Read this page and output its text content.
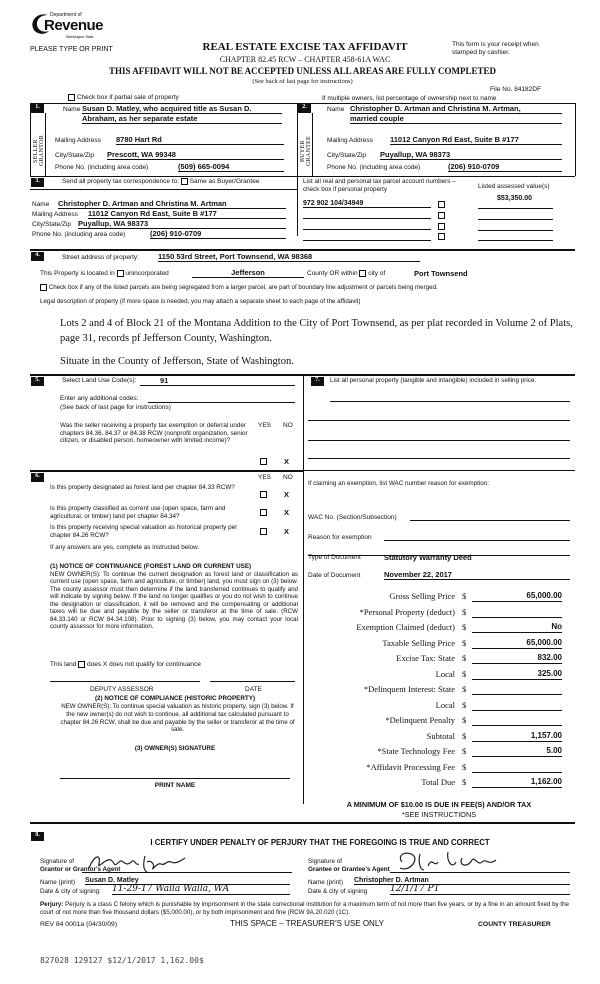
Department of
Revenue
Washington State
PLEASE TYPE OR PRINT	REAL ESTATE EXCISE TAX AFFIDAVIT
CHAPTER 82.45 RCW – CHAPTER 458-61A WAC
This form is your receipt when stamped by cashier.
THIS AFFIDAVIT WILL NOT BE ACCEPTED UNLESS ALL AREAS ARE FULLY COMPLETED
(See back of last page for instructions)
File No. 84182DF
Check box if partial sale of property	If multiple owners, list percentage of ownership next to name
1.
SELLER GRANTOR
Name Susan D. Matley, who acquired title as Susan D.
Abraham, as her separate estate
Mailing Address 8780 Hart Rd
City/State/Zip Prescott, WA 99348
Phone No. (including area code)	(509) 665-0094
2.
BUYER GRANTEE
Name Christopher D. Artman and Christina M. Artman,
married couple
Mailing Address 11012 Canyon Rd East, Suite B #177
City/State/Zip Puyallup, WA 98373
Phone No. (including area code)	(206) 910-0709
3.	Send all property tax correspondence to: Same as Buyer/Grantee
Name Christopher D. Artman and Christina M. Artman
Mailing Address 11012 Canyon Rd East, Suite B #177
City/State/Zip Puyallup, WA 98373
Phone No. (including area code)	(206) 910-0709
List all real and personal tax parcel account numbers – check box if personal property	Listed assessed value(s)
$53,350.00
972 902 104/34949
4.	Street address of property:	1150 53rd Street, Port Townsend, WA 98368
This Property is located in unincorporated	Jefferson	County OR within city of	Port Townsend
Check box if any of the listed parcels are being segregated from a larger parcel, are part of boundary line adjustment or parcels being merged.
Legal description of property (if more space is needed, you may attach a separate sheet to each page of the affidavit)
Lots 2 and 4 of Block 21 of the Montana Addition to the City of Port Townsend, as per plat recorded in Volume 2 of Plats, page 31, records pf Jefferson County, Washington.
Situate in the County of Jefferson, State of Washington.
5.	Select Land Use Code(s):	91
Enter any additional codes:
(See back of last page for instructions)
YES NO
Was the seller receiving a property tax exemption or deferral under chapters 84.36, 84.37 or 84.38 RCW (nonprofit organization, senior citizen, or disabled person, homeowner with limited income)?
X
7.	List all personal property (tangible and intangible) included in selling price.
6.	YES NO
Is this property designated as forest land per chapter 84.33 RCW?
X
Is this property classified as current use (open space, farm and agricultural, or timber) land per chapter 84.34?	X
Is this property receiving special valuation as historical property per chapter 84.26 RCW?	X
If any answers are yes, complete as instructed below.
(1) NOTICE OF CONTINUANCE (FOREST LAND OR CURRENT USE)
NEW OWNER(S): To continue the current designation as forest land or classification as current use (open space, farm and agriculture, or timber) land, you must sign on (3) below. The county assessor must then determine if the land transferred continues to qualify and will indicate by signing below. If the land no longer qualifies or you do not wish to continue the designation or classification, it will be removed and the compensating or additional taxes will be due and payable by the seller or transferor at the time of sale. (RCW 84.33.140 or RCW 84.34.108). Prior to signing (3) below, you may contact your local county assessor for more information.
This land does X does not qualify for continuance
DEPUTY ASSESSOR	DATE
(2) NOTICE OF COMPLIANCE (HISTORIC PROPERTY)
NEW OWNER(S): To continue special valuation as historic property, sign (3) below. If the new owner(s) do not wish to continue, all additional tax calculated pursuant to chapter 84.26 RCW, shall be due and payable by the seller or transferor at the time of sale.
(3) OWNER(S) SIGNATURE
PRINT NAME
If claiming an exemption, list WAC number reason for exemption:
WAC No. (Section/Subsection)
Reason for exemption
Type of Document	Statutory Warranty Deed
Date of Document	November 22, 2017
Gross Selling Price $	65,000.00
*Personal Property (deduct) $
Exemption Claimed (deduct) $	No
Taxable Selling Price $	65,000.00
Excise Tax: State $	832.00
Local $	325.00
*Delinquent Interest: State $
Local $
*Delinquent Penalty $
Subtotal $	1,157.00
*State Technology Fee $	5.00
*Affidavit Processing Fee $
Total Due $	1,162.00
A MINIMUM OF $10.00 IS DUE IN FEE(S) AND/OR TAX
*SEE INSTRUCTIONS
8.
I CERTIFY UNDER PENALTY OF PERJURY THAT THE FOREGOING IS TRUE AND CORRECT
Signature of
Grantor or Grantor's Agent
Name (print) Susan D. Matley
Date & city of signing: 11-29-17 Walla Walla, WA
Signature of
Grantee or Grantee's Agent
Name (print) Christopher D. Artman
Date & city of signing	12/1/17 PT
Perjury: Perjury is a class C felony which is punishable by imprisonment in the state correctional institution for a maximum term of not more than five years, or by a fine in an amount fixed by the court of not more than five thousand dollars ($5,000.00), or by both imprisonment and fine (RCW 9A.20.020 (1C).
REV 84 0001a (04/30/09)	THIS SPACE – TREASURER'S USE ONLY	COUNTY TREASURER
827028 129127 $12/1/2017 1,162.00$
